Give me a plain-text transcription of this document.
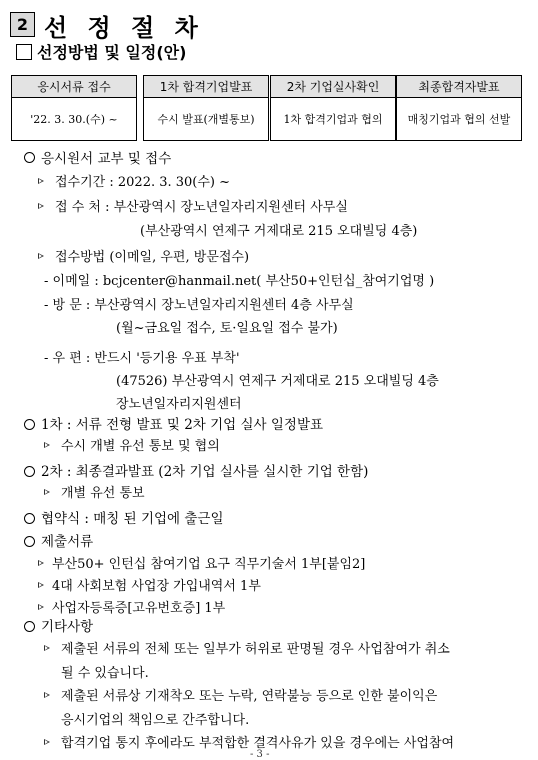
2 선 정 절 차
선정방법 및 일정(안)
응시서류 접수
'22. 3. 30.(수) ~
1차 합격기업발표
수시 발표(개별통보)
2차 기업실사확인
1차 합격기업과 협의
최종합격자발표
매칭기업과 협의 선발
응시원서 교부 및 접수
접수기간 : 2022. 3. 30(수) ~
접 수 처 : 부산광역시 장노년일자리지원센터 사무실
(부산광역시 연제구 거제대로 215 오대빌딩 4층)
접수방법 (이메일, 우편, 방문접수)
- 이메일 : bcjcenter@hanmail.net( 부산50+인턴십_참여기업명 )
- 방 문 : 부산광역시 장노년일자리지원센터 4층 사무실
(월~금요일 접수, 토·일요일 접수 불가)
- 우 편 : 반드시 '등기용 우표 부착'
(47526) 부산광역시 연제구 거제대로 215 오대빌딩 4층
장노년일자리지원센터
1차 : 서류 전형 발표 및 2차 기업 실사 일정발표
수시 개별 유선 통보 및 협의
2차 : 최종결과발표 (2차 기업 실사를 실시한 기업 한함)
개별 유선 통보
협약식 : 매칭 된 기업에 출근일
제출서류
부산50+ 인턴십 참여기업 요구 직무기술서 1부[붙임2]
4대 사회보험 사업장 가입내역서 1부
사업자등록증[고유번호증] 1부
기타사항
제출된 서류의 전체 또는 일부가 허위로 판명될 경우 사업참여가 취소
될 수 있습니다.
제출된 서류상 기재착오 또는 누락, 연락불능 등으로 인한 불이익은
응시기업의 책임으로 간주합니다.
합격기업 통지 후에라도 부적합한 결격사유가 있을 경우에는 사업참여
- 3 -
